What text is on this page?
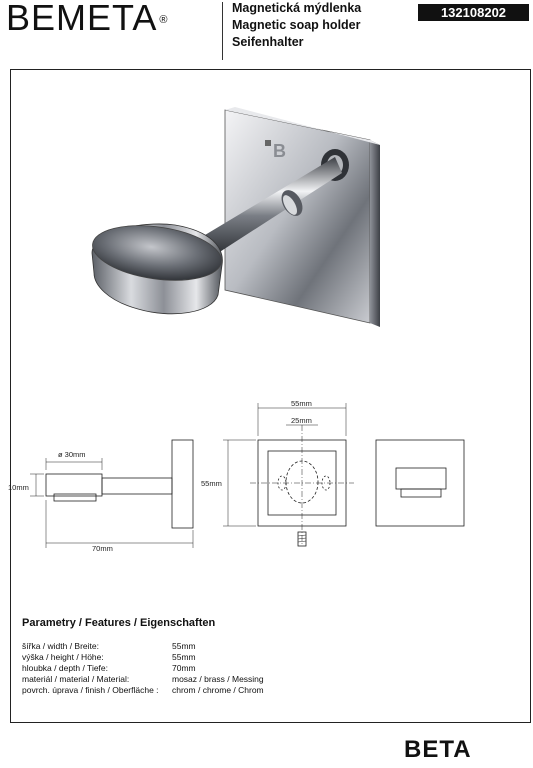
BEMETA ®
Magnetická mýdlenka
Magnetic soap holder
Seifenhalter
132108202
B
ø 30mm
10mm
70mm
55mm
25mm
55mm
Parametry / Features / Eigenschaften
šířka / width / Breite:	55mm
výška / height / Höhe:	55mm
hloubka / depth / Tiefe:	70mm
materiál / material / Material:	mosaz / brass / Messing
povrch. úprava / finish / Oberfläche : chrom / chrome / Chrom
BETA
